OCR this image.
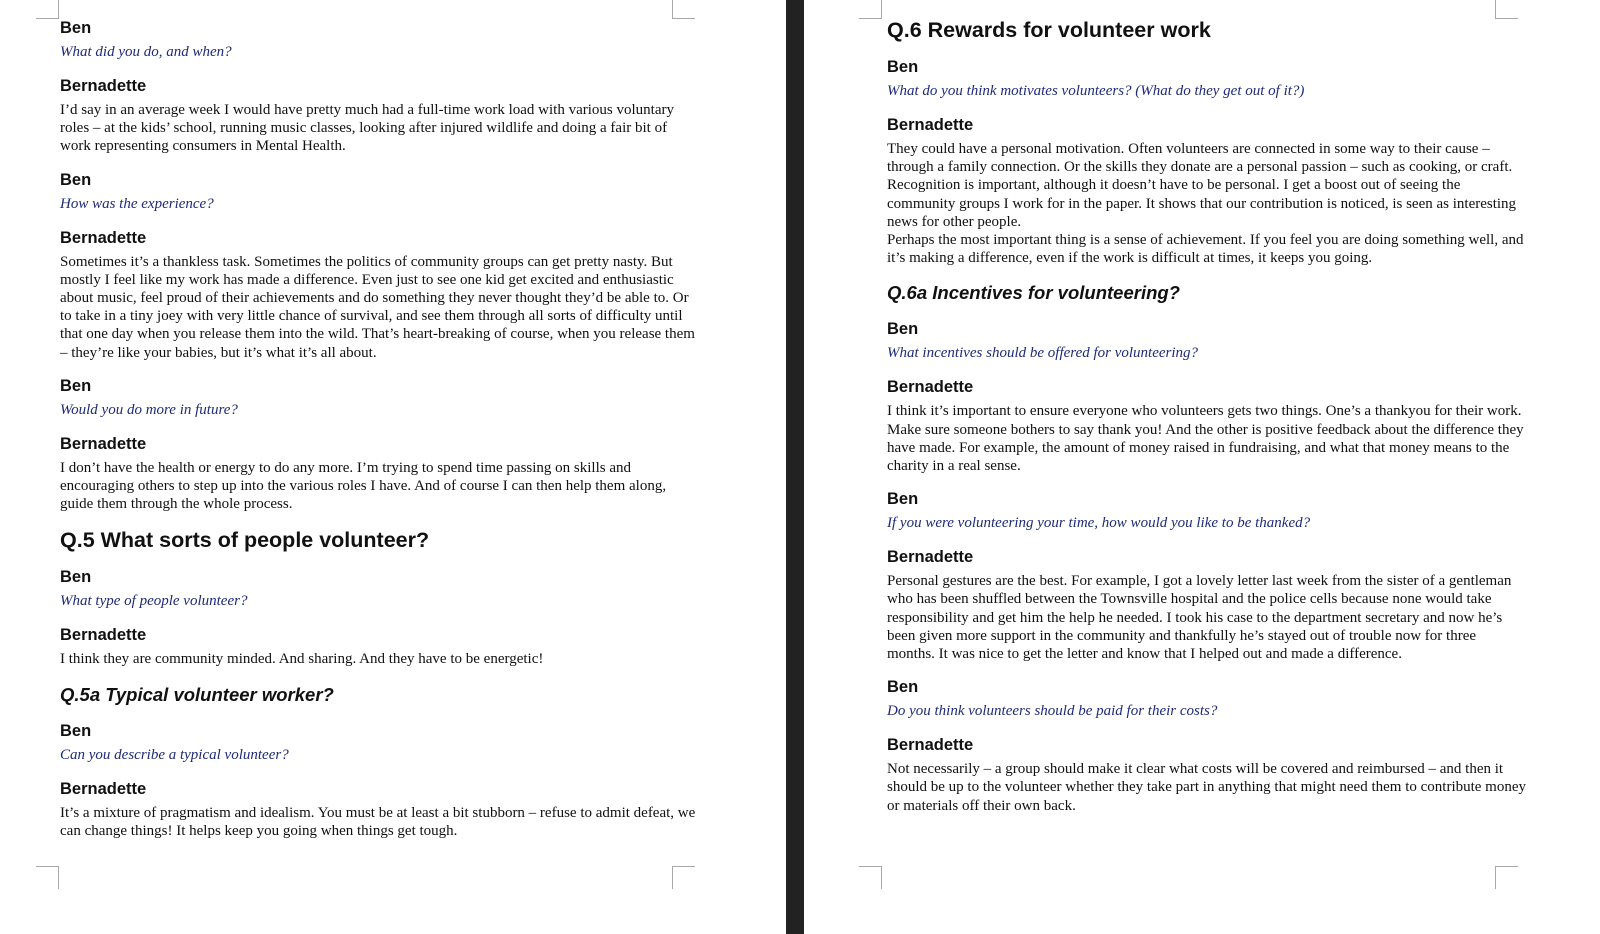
Ben
What did you do, and when?
Bernadette

I’d say in an average week I would have pretty much had a full-time work load with various voluntary roles – at the kids’ school, running music classes, looking after injured wildlife and doing a fair bit of work representing consumers in Mental Health.

Ben
How was the experience?
Bernadette

Sometimes it’s a thankless task. Sometimes the politics of community groups can get pretty nasty. But mostly I feel like my work has made a difference. Even just to see one kid get excited and enthusiastic about music, feel proud of their achievements and do something they never thought they’d be able to. Or to take in a tiny joey with very little chance of survival, and see them through all sorts of difficulty until that one day when you release them into the wild. That’s heart-breaking of course, when you release them – they’re like your babies, but it’s what it’s all about.

Ben
Would you do more in future?
Bernadette

I don’t have the health or energy to do any more. I’m trying to spend time passing on skills and encouraging others to step up into the various roles I have. And of course I can then help them along, guide them through the whole process.

Q.5 What sorts of people volunteer?
Ben
What type of people volunteer?
Bernadette

I think they are community minded. And sharing. And they have to be energetic!

Q.5a Typical volunteer worker?
Ben
Can you describe a typical volunteer?
Bernadette

It’s a mixture of pragmatism and idealism. You must be at least a bit stubborn – refuse to admit defeat, we can change things! It helps keep you going when things get tough.

Q.6 Rewards for volunteer work
Ben
What do you think motivates volunteers? (What do they get out of it?)
Bernadette

They could have a personal motivation. Often volunteers are connected in some way to their cause – through a family connection. Or the skills they donate are a personal passion – such as cooking, or craft.

Recognition is important, although it doesn’t have to be personal. I get a boost out of seeing the community groups I work for in the paper. It shows that our contribution is noticed, is seen as interesting news for other people.

Perhaps the most important thing is a sense of achievement. If you feel you are doing something well, and it’s making a difference, even if the work is difficult at times, it keeps you going.

Q.6a Incentives for volunteering?
Ben
What incentives should be offered for volunteering?
Bernadette

I think it’s important to ensure everyone who volunteers gets two things. One’s a thankyou for their work. Make sure someone bothers to say thank you! And the other is positive feedback about the difference they have made. For example, the amount of money raised in fundraising, and what that money means to the charity in a real sense.

Ben
If you were volunteering your time, how would you like to be thanked?
Bernadette

Personal gestures are the best. For example, I got a lovely letter last week from the sister of a gentleman who has been shuffled between the Townsville hospital and the police cells because none would take responsibility and get him the help he needed. I took his case to the department secretary and now he’s been given more support in the community and thankfully he’s stayed out of trouble now for three months. It was nice to get the letter and know that I helped out and made a difference.

Ben
Do you think volunteers should be paid for their costs?
Bernadette

Not necessarily – a group should make it clear what costs will be covered and reimbursed – and then it should be up to the volunteer whether they take part in anything that might need them to contribute money or materials off their own back.
